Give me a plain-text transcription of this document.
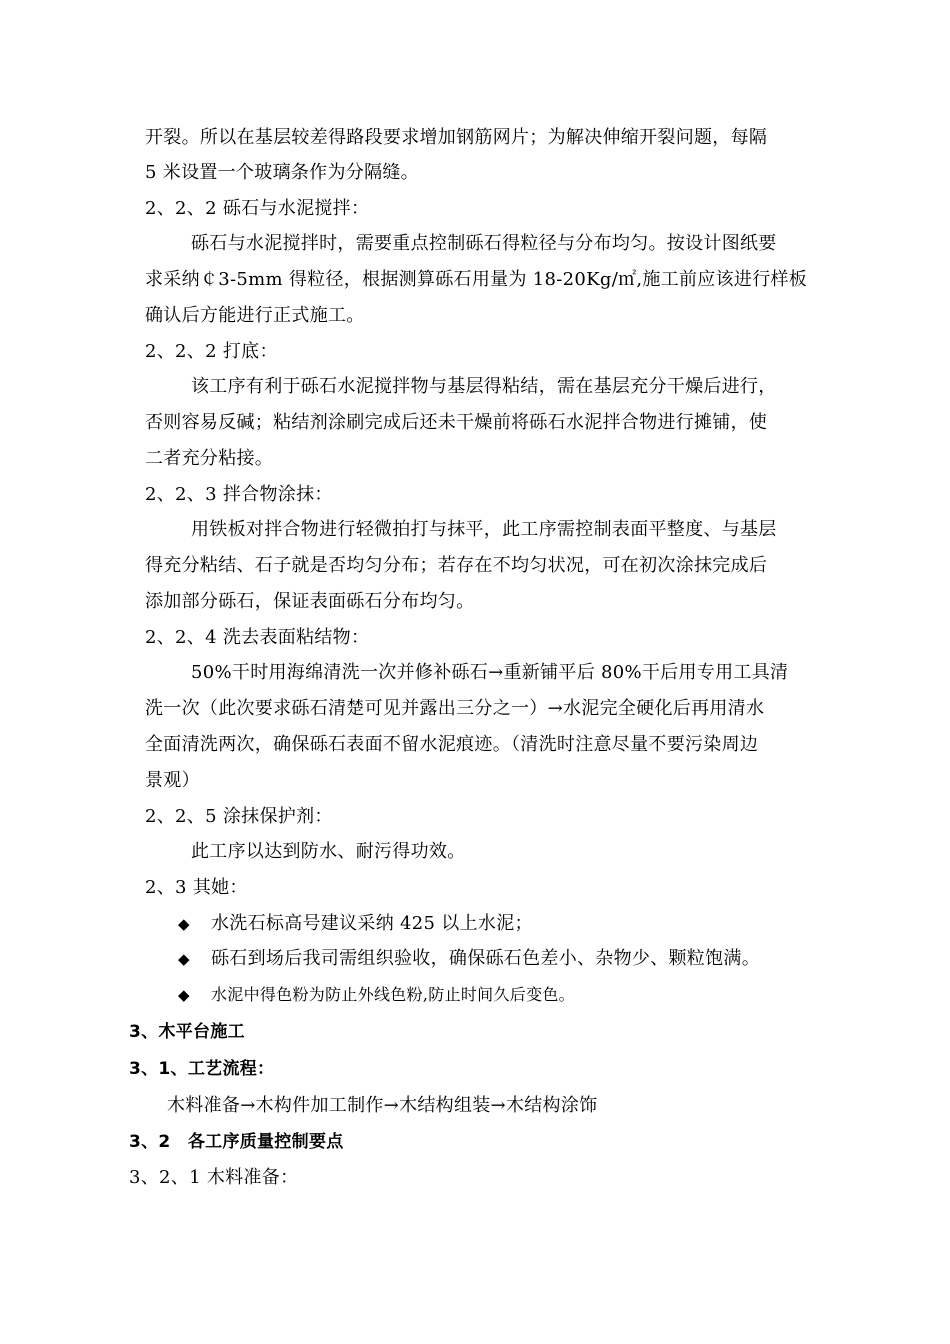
开裂。所以在基层较差得路段要求增加钢筋网片；为解决伸缩开裂问题，每隔
5 米设置一个玻璃条作为分隔缝。
2、2、2 砾石与水泥搅拌：
砾石与水泥搅拌时，需要重点控制砾石得粒径与分布均匀。按设计图纸要
求采纳￠3-5mm 得粒径，根据测算砾石用量为 18-20Kg/㎡,施工前应该进行样板
确认后方能进行正式施工。
2、2、2 打底：
该工序有利于砾石水泥搅拌物与基层得粘结，需在基层充分干燥后进行，
否则容易反碱；粘结剂涂刷完成后还未干燥前将砾石水泥拌合物进行摊铺，使
二者充分粘接。
2、2、3 拌合物涂抹：
用铁板对拌合物进行轻微拍打与抹平，此工序需控制表面平整度、与基层
得充分粘结、石子就是否均匀分布；若存在不均匀状况，可在初次涂抹完成后
添加部分砾石，保证表面砾石分布均匀。
2、2、4 洗去表面粘结物：
50%干时用海绵清洗一次并修补砾石→重新铺平后 80%干后用专用工具清
洗一次（此次要求砾石清楚可见并露出三分之一）→水泥完全硬化后再用清水
全面清洗两次，确保砾石表面不留水泥痕迹。（清洗时注意尽量不要污染周边
景观）
2、2、5 涂抹保护剂：
此工序以达到防水、耐污得功效。
2、3 其她：
◆ 水洗石标高号建议采纳 425 以上水泥；
◆ 砾石到场后我司需组织验收，确保砾石色差小、杂物少、颗粒饱满。
◆ 水泥中得色粉为防止外线色粉,防止时间久后变色。
3、木平台施工
3、1、工艺流程：
木料准备→木构件加工制作→木结构组装→木结构涂饰
3、2　各工序质量控制要点
3、2、1 木料准备：
